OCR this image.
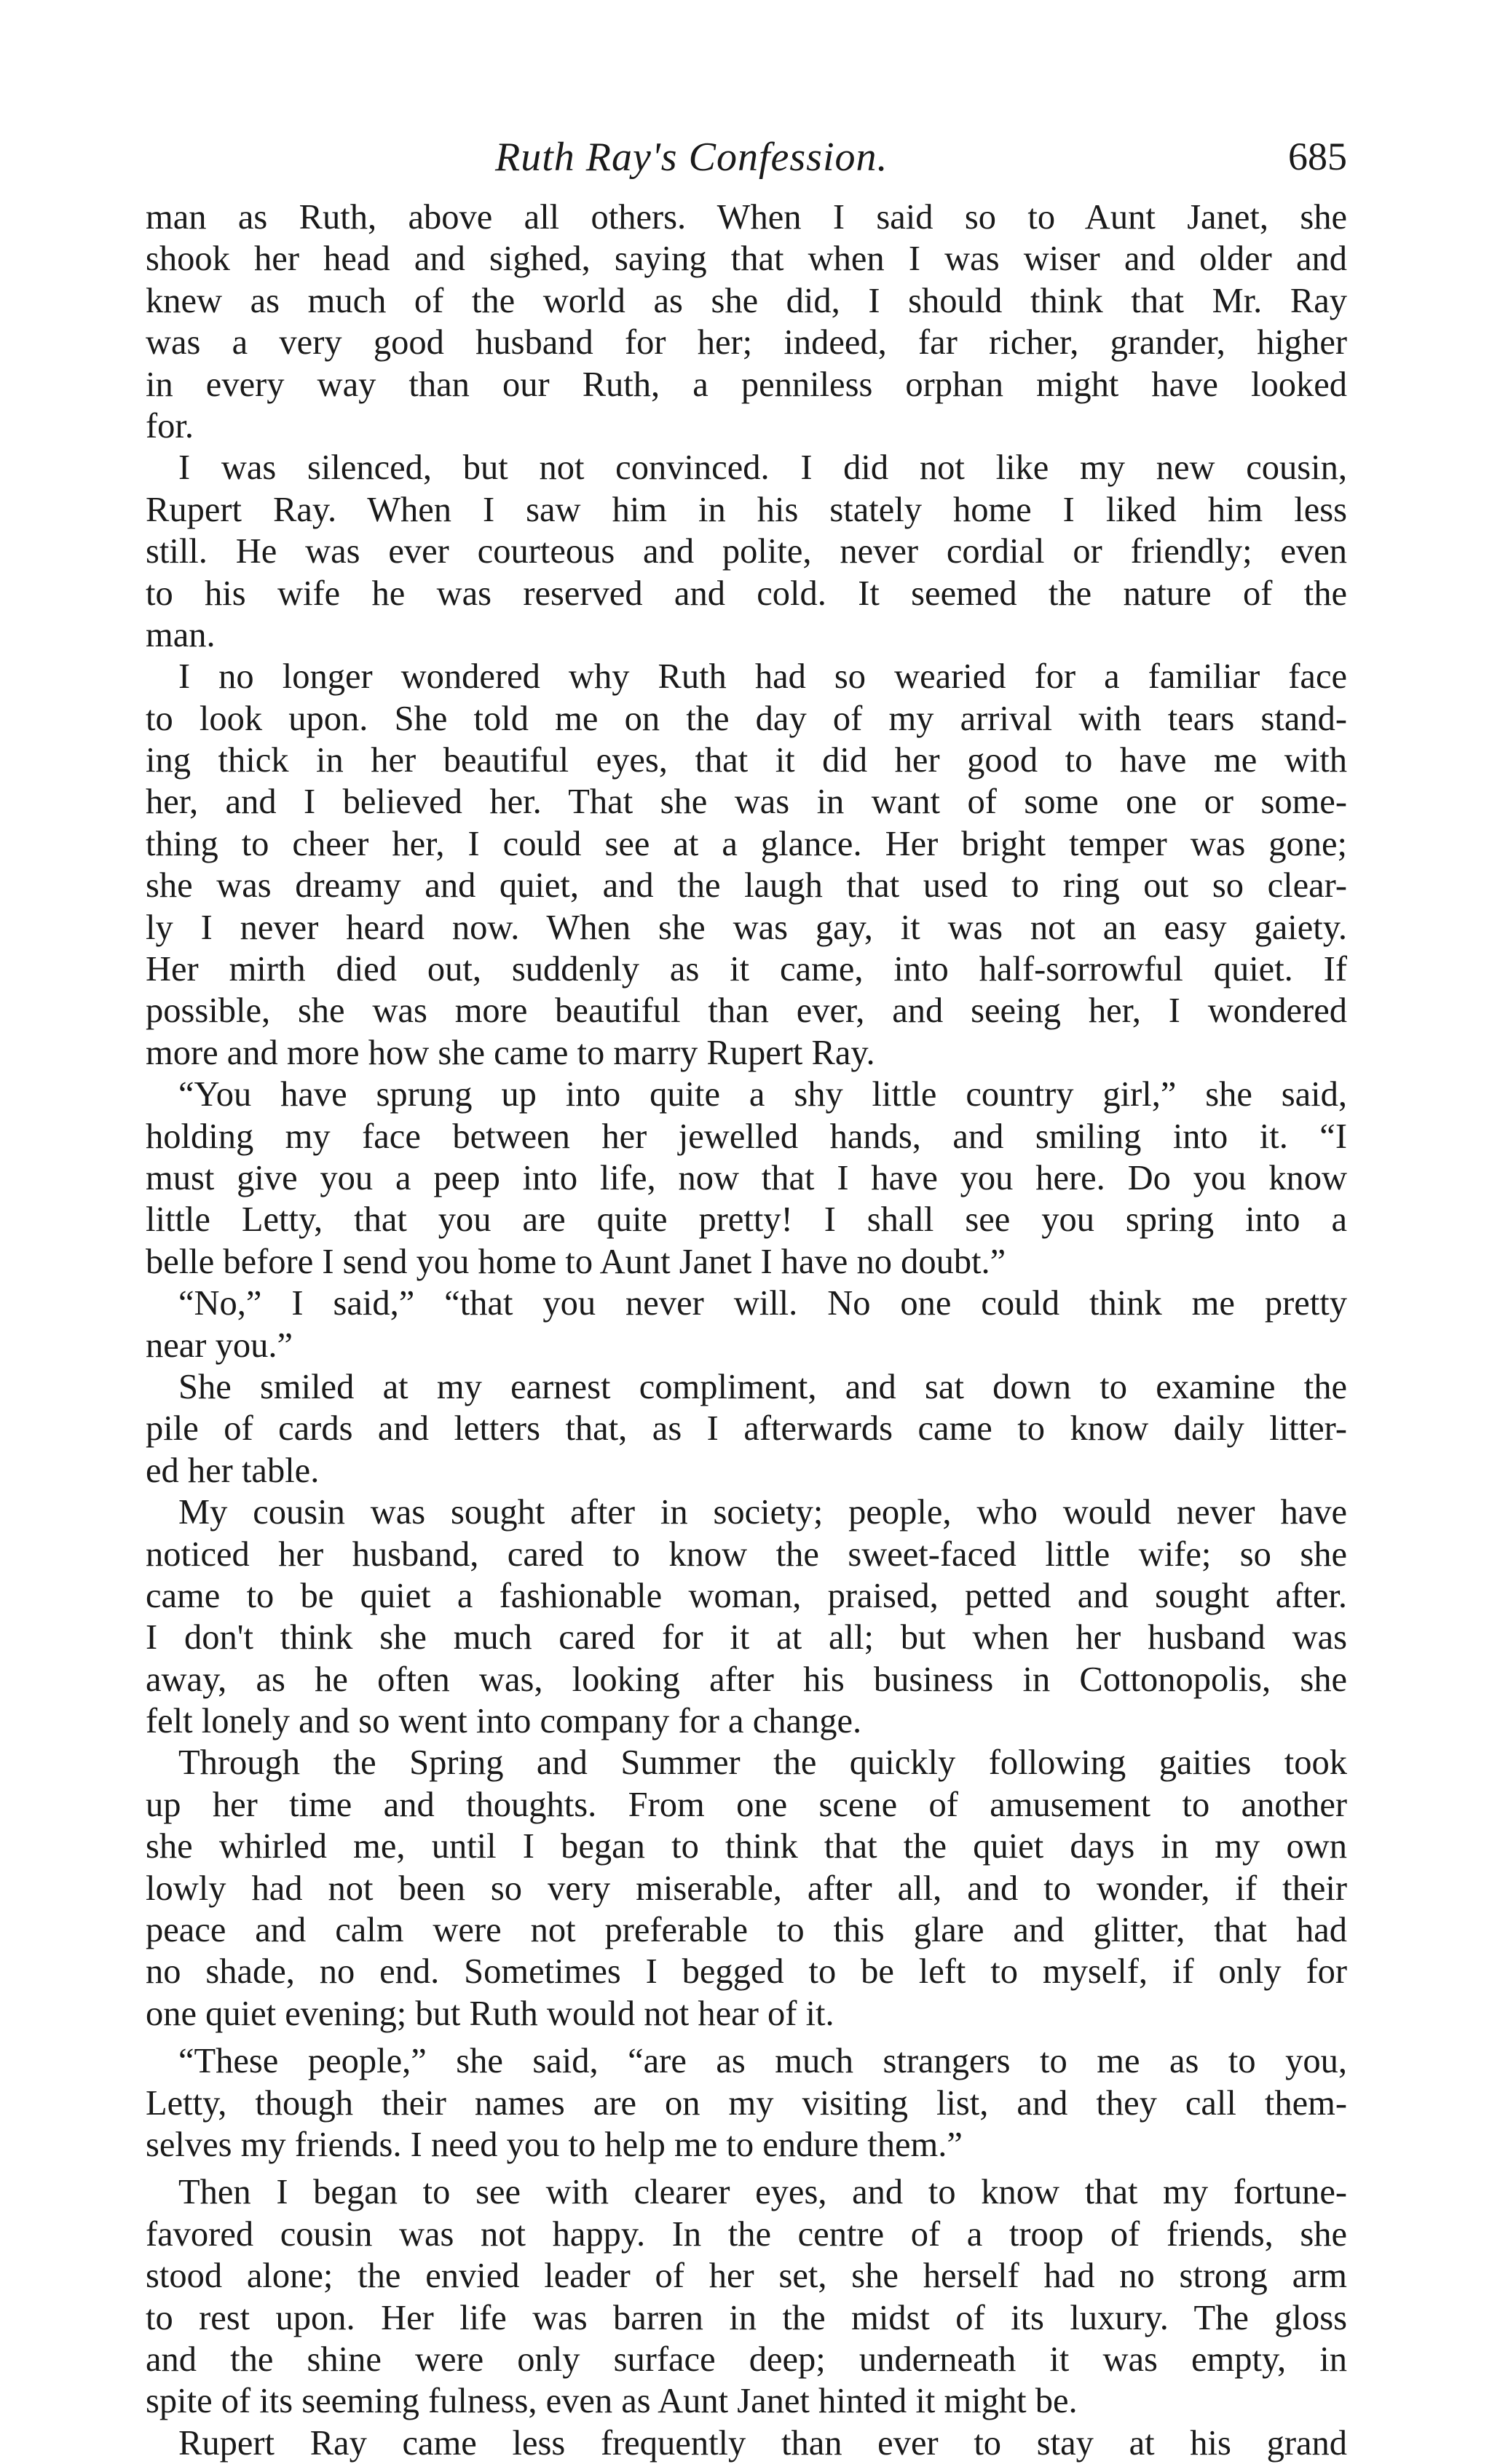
Ruth Ray's Confession.	685
man as Ruth, above all others. When I said so to Aunt Janet, she
shook her head and sighed, saying that when I was wiser and older and
knew as much of the world as she did, I should think that Mr. Ray
was a very good husband for her; indeed, far richer, grander, higher
in every way than our Ruth, a penniless orphan might have looked
for.
I was silenced, but not convinced. I did not like my new cousin,
Rupert Ray. When I saw him in his stately home I liked him less
still. He was ever courteous and polite, never cordial or friendly; even
to his wife he was reserved and cold. It seemed the nature of the
man.
I no longer wondered why Ruth had so wearied for a familiar face
to look upon. She told me on the day of my arrival with tears stand-
ing thick in her beautiful eyes, that it did her good to have me with
her, and I believed her. That she was in want of some one or some-
thing to cheer her, I could see at a glance. Her bright temper was gone;
she was dreamy and quiet, and the laugh that used to ring out so clear-
ly I never heard now. When she was gay, it was not an easy gaiety.
Her mirth died out, suddenly as it came, into half-sorrowful quiet. If
possible, she was more beautiful than ever, and seeing her, I wondered
more and more how she came to marry Rupert Ray.
“You have sprung up into quite a shy little country girl,” she said,
holding my face between her jewelled hands, and smiling into it. “I
must give you a peep into life, now that I have you here. Do you know
little Letty, that you are quite pretty! I shall see you spring into a
belle before I send you home to Aunt Janet I have no doubt.”
“No,” I said,” “that you never will. No one could think me pretty
near you.”
She smiled at my earnest compliment, and sat down to examine the
pile of cards and letters that, as I afterwards came to know daily litter-
ed her table.
My cousin was sought after in society; people, who would never have
noticed her husband, cared to know the sweet-faced little wife; so she
came to be quiet a fashionable woman, praised, petted and sought after.
I don't think she much cared for it at all; but when her husband was
away, as he often was, looking after his business in Cottonopolis, she
felt lonely and so went into company for a change.
Through the Spring and Summer the quickly following gaities took
up her time and thoughts. From one scene of amusement to another
she whirled me, until I began to think that the quiet days in my own
lowly had not been so very miserable, after all, and to wonder, if their
peace and calm were not preferable to this glare and glitter, that had
no shade, no end. Sometimes I begged to be left to myself, if only for
one quiet evening; but Ruth would not hear of it.
“These people,” she said, “are as much strangers to me as to you,
Letty, though their names are on my visiting list, and they call them-
selves my friends. I need you to help me to endure them.”
Then I began to see with clearer eyes, and to know that my fortune-
favored cousin was not happy. In the centre of a troop of friends, she
stood alone; the envied leader of her set, she herself had no strong arm
to rest upon. Her life was barren in the midst of its luxury. The gloss
and the shine were only surface deep; underneath it was empty, in
spite of its seeming fulness, even as Aunt Janet hinted it might be.
Rupert Ray came less frequently than ever to stay at his grand
